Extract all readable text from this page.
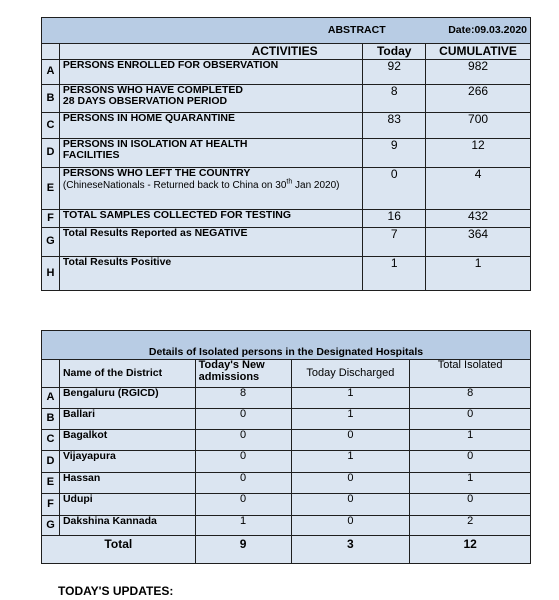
	ABSTRACT		Date:09.03.2020
	ACTIVITIES	Today	CUMULATIVE
A	PERSONS ENROLLED FOR OBSERVATION	92	982
B	PERSONS WHO HAVE COMPLETED
28 DAYS OBSERVATION PERIOD	8	266
C	PERSONS IN HOME QUARANTINE	83	700
D	PERSONS IN ISOLATION AT HEALTH
FACILITIES	9	12
E	PERSONS WHO LEFT THE COUNTRY
(ChineseNationals - Returned back to China on 30th Jan 2020)	0	4
F	TOTAL SAMPLES COLLECTED FOR TESTING	16	432
G	Total Results Reported as NEGATIVE	7	364
H	Total Results Positive	1	1
Details of Isolated persons in the Designated Hospitals				
	Name of the District	Today's New admissions	Today Discharged	Total Isolated
A	Bengaluru (RGICD)	8	1	8
B	Ballari	0	1	0
C	Bagalkot	0	0	1
D	Vijayapura	0	1	0
E	Hassan	0	0	1
F	Udupi	0	0	0
G	Dakshina Kannada	1	0	2
Total		9	3	12
TODAY'S UPDATES:
